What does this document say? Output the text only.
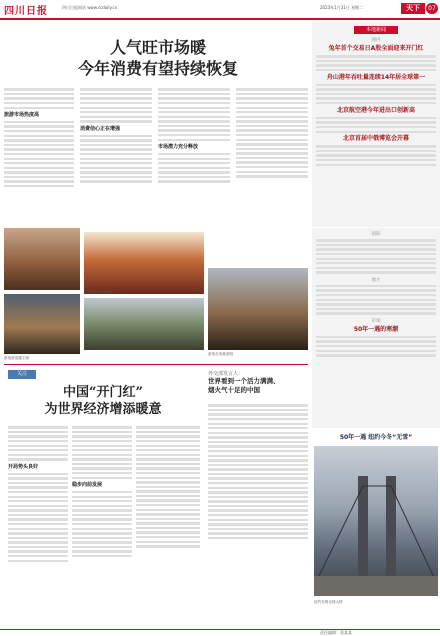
四川日报	四川日报网站 www.scdaily.cn	2023年1月31日 星期二	天下	07
人气旺市场暖
今年消费有望持续恢复
旅游市场热度高
消费信心正在增强
市场潜力充分释放
游客在欢乐谷游玩
游客游览滕王阁
游客在成都游园
关注
中国“开门红”
为世界经济增添暖意
开局势头良好
稳步向前发展
外交部发言人：
世界看到一个活力满满、
烟火气十足的中国
本地新闻
国内
兔年首个交易日A股全面迎来开门红
舟山港年吞吐量连续14年居全球第一
北京航空港今年进出口创新高
北京首届中俄博览会开幕
国际
地方
市场
50年一遇的寒潮
50年一遇 纽约今冬“无雪”
纽约布鲁克林大桥
责任编辑：张某某
